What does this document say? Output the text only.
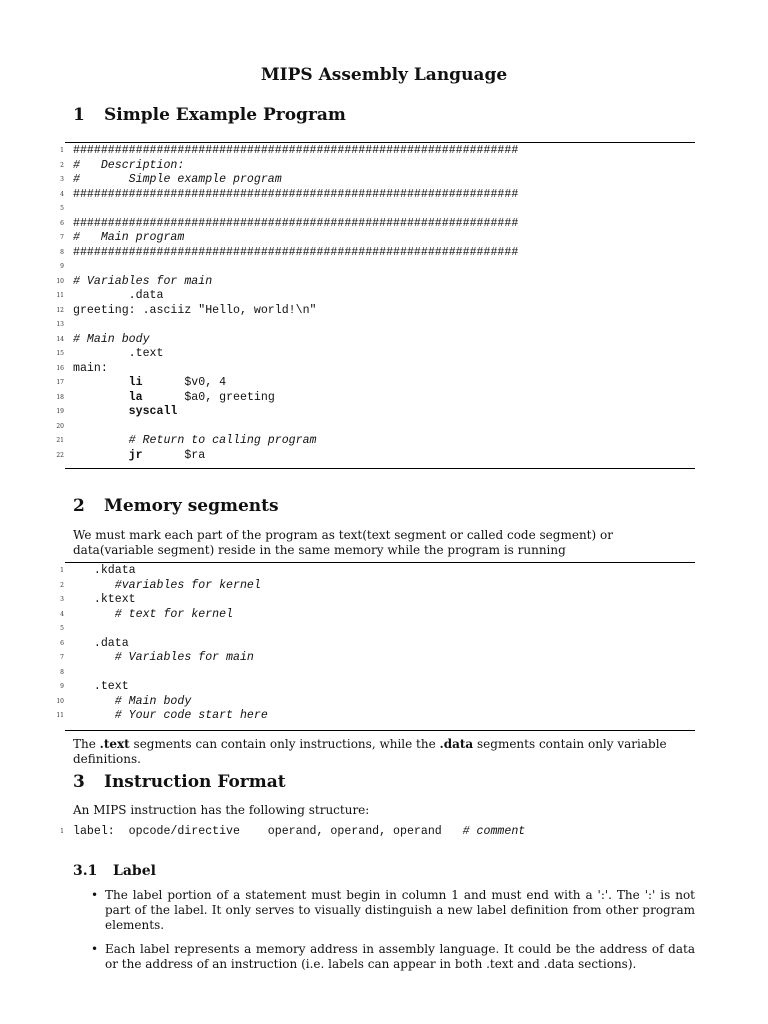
MIPS Assembly Language
1 Simple Example Program
1 ################################################################
2 #   Description:
3 #       Simple example program
4 ################################################################
5
6 ################################################################
7 #   Main program
8 ################################################################
9
10 # Variables for main
11 .data
12 greeting: .asciiz "Hello, world!\n"
13
14 # Main body
15 .text
16 main:
17	li	$v0, 4
18	la	$a0, greeting
19	syscall
20
21 # Return to calling program
22	jr	$ra
2 Memory segments

We must mark each part of the program as text(text segment or called code segment) or data(variable segment) reside in the same memory while the program is running

1 .kdata
2 #variables for kernel
3 .ktext
4 # text for kernel
5
6 .data
7 # Variables for main
8
9 .text
10 # Main body
11 # Your code start here

The .text segments can contain only instructions, while the .data segments contain only variable definitions.

3 Instruction Format

An MIPS instruction has the following structure:

1 label:  opcode/directive    operand, operand, operand   # comment
3.1 Label
• The label portion of a statement must begin in column 1 and must end with a ':'. The ':' is not part of the label. It only serves to visually distinguish a new label definition from other program elements.
• Each label represents a memory address in assembly language. It could be the address of data or the address of an instruction (i.e. labels can appear in both .text and .data sections).
